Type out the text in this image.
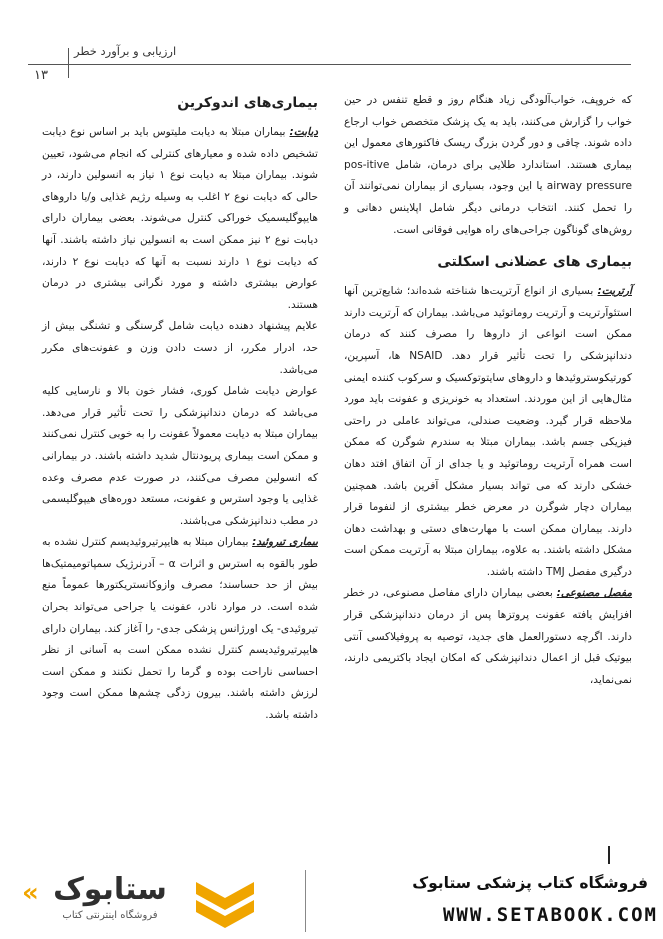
ارزیابی و برآورد خطر
۱۳

که خروپف، خواب‌آلودگی زیاد هنگام روز و قطع تنفس در حین خواب را گزارش می‌کنند، باید به یک پزشک متخصص خواب ارجاع داده شوند. چاقی و دور گردن بزرگ ریسک فاکتورهای معمول این بیماری هستند. استاندارد طلایی برای درمان، شامل pos-itive airway pressure یا این وجود، بسیاری از بیماران نمی‌توانند آن را تحمل کنند. انتخاب درمانی دیگر شامل اپلاینس دهانی و روش‌های گوناگون جراحی‌های راه هوایی فوقانی است.

بیماری های عضلانی اسکلتی

آرتریت: بسیاری از انواع آرتریت‌ها شناخته شده‌اند؛ شایع‌ترین آنها استئوآرتریت و آرتریت روماتوئید می‌باشد. بیماران که آرتریت دارند ممکن است انواعی از داروها را مصرف کنند که درمان دندانپزشکی را تحت تأثیر قرار دهد. NSAID ها، آسپرین، کورتیکوستروئیدها و داروهای سایتوتوکسیک و سرکوب کننده ایمنی مثال‌هایی از این موردند. استعداد به خونریزی و عفونت باید مورد ملاحظه قرار گیرد. وضعیت صندلی، می‌تواند عاملی در راحتی فیزیکی جسم باشد. بیماران مبتلا به سندرم شوگرن که ممکن است همراه آرتریت روماتوئید و یا جدای از آن اتفاق افتد دهان خشکی دارند که می تواند بسیار مشکل آفرین باشد. همچنین بیماران دچار شوگرن در معرض خطر بیشتری از لنفوما قرار دارند. بیماران ممکن است با مهارت‌های دستی و بهداشت دهان مشکل داشته باشند. به علاوه، بیماران مبتلا به آرتریت ممکن است درگیری مفصل TMJ داشته باشند.

مفصل مصنوعی: بعضی بیماران دارای مفاصل مصنوعی، در خطر افزایش یافته عفونت پروتزها پس از درمان دندانپزشکی قرار دارند. اگرچه دستورالعمل های جدید، توصیه به پروفیلاکسی آنتی بیوتیک قبل از اعمال دندانپزشکی که امکان ایجاد باکتریمی دارند، نمی‌نماید،

بیماری‌های اندوکرین

دیابت: بیماران مبتلا به دیابت ملیتوس باید بر اساس نوع دیابت تشخیص داده شده و معیارهای کنترلی که انجام می‌شود، تعیین شوند. بیماران مبتلا به دیابت نوع ۱ نیاز به انسولین دارند، در حالی که دیابت نوع ۲ اغلب به وسیله رژیم غذایی و/یا داروهای هایپوگلیسمیک خوراکی کنترل می‌شوند. بعضی بیماران دارای دیابت نوع ۲ نیز ممکن است به انسولین نیاز داشته باشند. آنها که دیابت نوع ۱ دارند نسبت به آنها که دیابت نوع ۲ دارند، عوارض بیشتری داشته و مورد نگرانی بیشتری در درمان هستند.

علایم پیشنهاد دهنده دیابت شامل گرسنگی و تشنگی بیش از حد، ادرار مکرر، از دست دادن وزن و عفونت‌های مکرر می‌باشد.

عوارض دیابت شامل کوری، فشار خون بالا و نارسایی کلیه می‌باشد که درمان دندانپزشکی را تحت تأثیر قرار می‌دهد. بیماران مبتلا به دیابت معمولاً عفونت را به خوبی کنترل نمی‌کنند و ممکن است بیماری پریودنتال شدید داشته باشند. در بیمارانی که انسولین مصرف می‌کنند، در صورت عدم مصرف وعده غذایی یا وجود استرس و عفونت، مستعد دوره‌های هیپوگلیسمی در مطب دندانپزشکی می‌باشند.

بیماری تیروئید: بیماران مبتلا به هایپرتیروئیدیسم کنترل نشده به طور بالقوه به استرس و اثرات α – آدرنرژیک سمپاتومیمتیک‌ها بیش از حد حساسند؛ مصرف وازوکانستریکتورها عموماً منع شده است. در موارد نادر، عفونت یا جراحی می‌تواند بحران تیروئیدی- یک اورژانس پزشکی جدی- را آغاز کند. بیماران دارای هایپرتیروئیدیسم کنترل نشده ممکن است به آسانی از نظر احساسی ناراحت بوده و گرما را تحمل نکنند و ممکن است لرزش داشته باشند. بیرون زدگی چشم‌ها ممکن است وجود داشته باشد.

فروشگاه کتاب پزشکی ستابوک
WWW.SETABOOK.COM
ستابوک
فروشگاه اینترنتی کتاب
«
